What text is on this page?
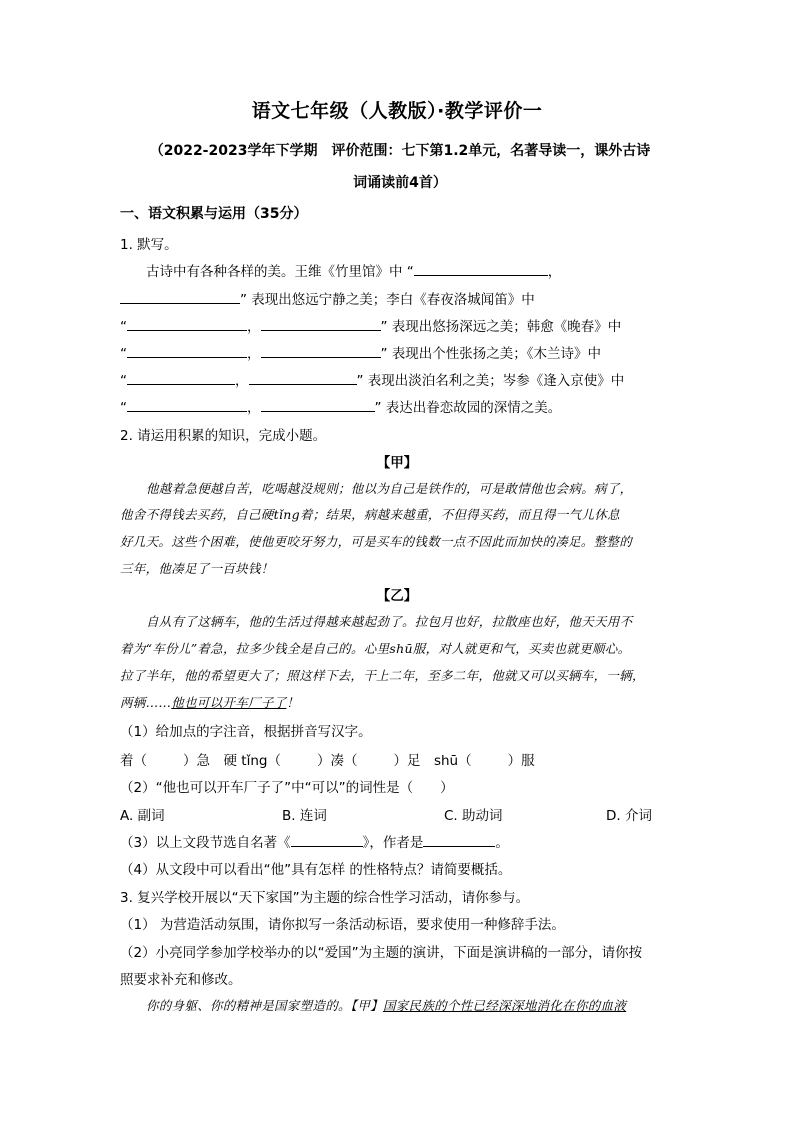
语文七年级（人教版）·教学评价一
（2022-2023学年下学期　评价范围：七下第1.2单元，名著导读一，课外古诗
词诵读前4首）
一、语文积累与运用（35分）
1. 默写。
古诗中有各种各样的美。王维《竹里馆》中 “	，
” 表现出悠远宁静之美；李白《春夜洛城闻笛》中
“	，	” 表现出悠扬深远之美；韩愈《晚春》中
“	，	” 表现出个性张扬之美；《木兰诗》中
“	，	” 表现出淡泊名利之美；岑参《逢入京使》中
“	，	” 表达出眷恋故园的深情之美。
2. 请运用积累的知识，完成小题。
【甲】
他越着急便越自苦，吃喝越没规则；他以为自己是铁作的，可是敢情他也会病。病了，
他舍不得钱去买药，自己硬tǐng着；结果，病越来越重，不但得买药，而且得一气儿休息
好几天。这些个困难，使他更咬牙努力，可是买车的钱数一点不因此而加快的凑足。整整的
三年，他凑足了一百块钱！
【乙】
自从有了这辆车，他的生活过得越来越起劲了。拉包月也好，拉散座也好，他天天用不
着为“车份儿”着急，拉多少钱全是自己的。心里shū服，对人就更和气，买卖也就更顺心。
拉了半年，他的希望更大了；照这样下去，干上二年，至多二年，他就又可以买辆车，一辆，
两辆……他也可以开车厂子了！
（1）给加点的字注音，根据拼音写汉字。
着（	）急　硬 tǐng（	）凑（	）足　shū（	）服
（2）“他也可以开车厂子了”中“可以”的词性是（　　）
A. 副词	B. 连词	C. 助动词	D. 介词
（3）以上文段节选自名著《	》，作者是	。
（4）从文段中可以看出“他”具有怎样 的性格特点？请简要概括。
3. 复兴学校开展以“天下家国”为主题的综合性学习活动，请你参与。
（1） 为营造活动氛围，请你拟写一条活动标语，要求使用一种修辞手法。
（2）小亮同学参加学校举办的以“爱国”为主题的演讲，下面是演讲稿的一部分，请你按
照要求补充和修改。
你的身躯、你的精神是国家塑造的。【甲】国家民族的个性已经深深地消化在你的血液
